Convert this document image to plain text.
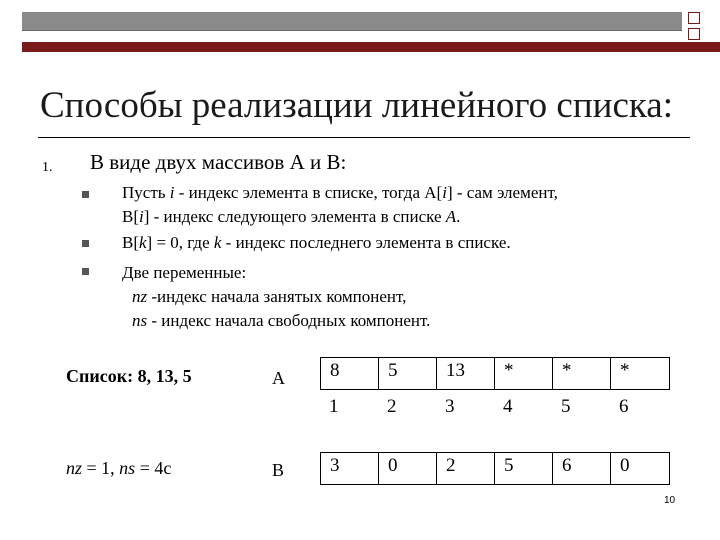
Способы реализации линейного списка:
1. В виде двух массивов А и В:
Пусть i - индекс элемента в списке, тогда A[i] - сам элемент,
B[i] - индекс следующего элемента в списке A.
B[k] = 0, где k - индекс последнего элемента в списке.
Две переменные:
nz -индекс начала занятых компонент,
ns - индекс начала свободных компонент.
Список: 8, 13, 5	A	8	5	13	*	*	*
1	2	3	4	5	6
nz = 1, ns = 4c	B	3	0	2	5	6	0
10
